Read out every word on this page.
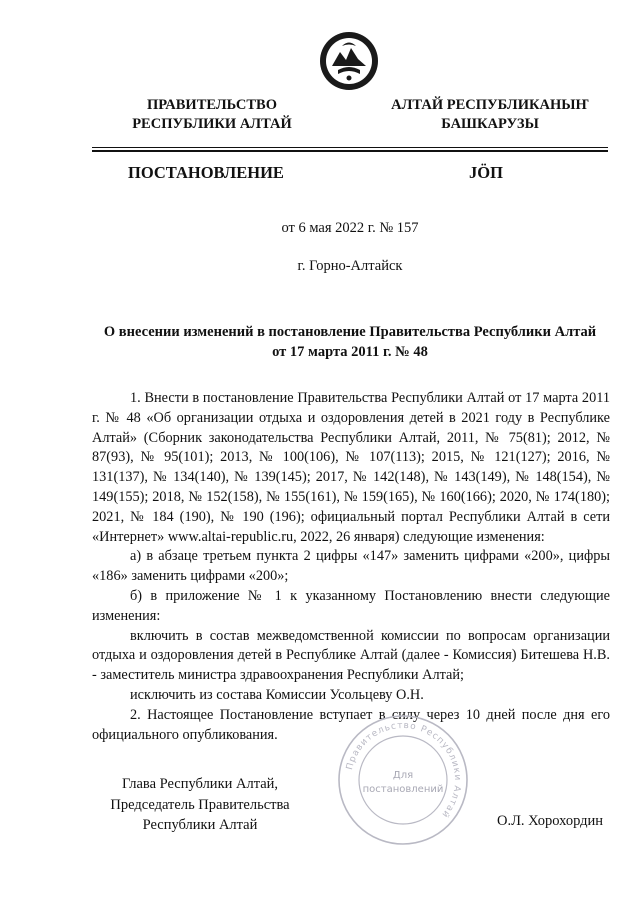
ПРАВИТЕЛЬСТВО
РЕСПУБЛИКИ АЛТАЙ
АЛТАЙ РЕСПУБЛИКАНЫҤ
БАШКАРУЗЫ
ПОСТАНОВЛЕНИЕ	JÖП
от 6 мая 2022 г. № 157
г. Горно-Алтайск
О внесении изменений в постановление Правительства Республики Алтай
от 17 марта 2011 г. № 48

1. Внести в постановление Правительства Республики Алтай от 17 марта 2011 г. № 48 «Об организации отдыха и оздоровления детей в 2021 году в Республике Алтай» (Сборник законодательства Республики Алтай, 2011, № 75(81); 2012, № 87(93), № 95(101); 2013, № 100(106), № 107(113); 2015, № 121(127); 2016, № 131(137), № 134(140), № 139(145); 2017, № 142(148), № 143(149), № 148(154), № 149(155); 2018, № 152(158), № 155(161), № 159(165), № 160(166); 2020, № 174(180); 2021, № 184 (190), № 190 (196); официальный портал Республики Алтай в сети «Интернет» www.altai-republic.ru, 2022, 26 января) следующие изменения:

а) в абзаце третьем пункта 2 цифры «147» заменить цифрами «200», цифры «186» заменить цифрами «200»;

б) в приложение № 1 к указанному Постановлению внести следующие изменения:

включить в состав межведомственной комиссии по вопросам организации отдыха и оздоровления детей в Республике Алтай (далее - Комиссия) Битешева Н.В. - заместитель министра здравоохранения Республики Алтай;

исключить из состава Комиссии Усольцеву О.Н.

2. Настоящее Постановление вступает в силу через 10 дней после дня его официального опубликования.

Правительство Республики Алтай
Для
постановлений
Глава Республики Алтай,
Председатель Правительства
Республики Алтай	О.Л. Хорохордин
